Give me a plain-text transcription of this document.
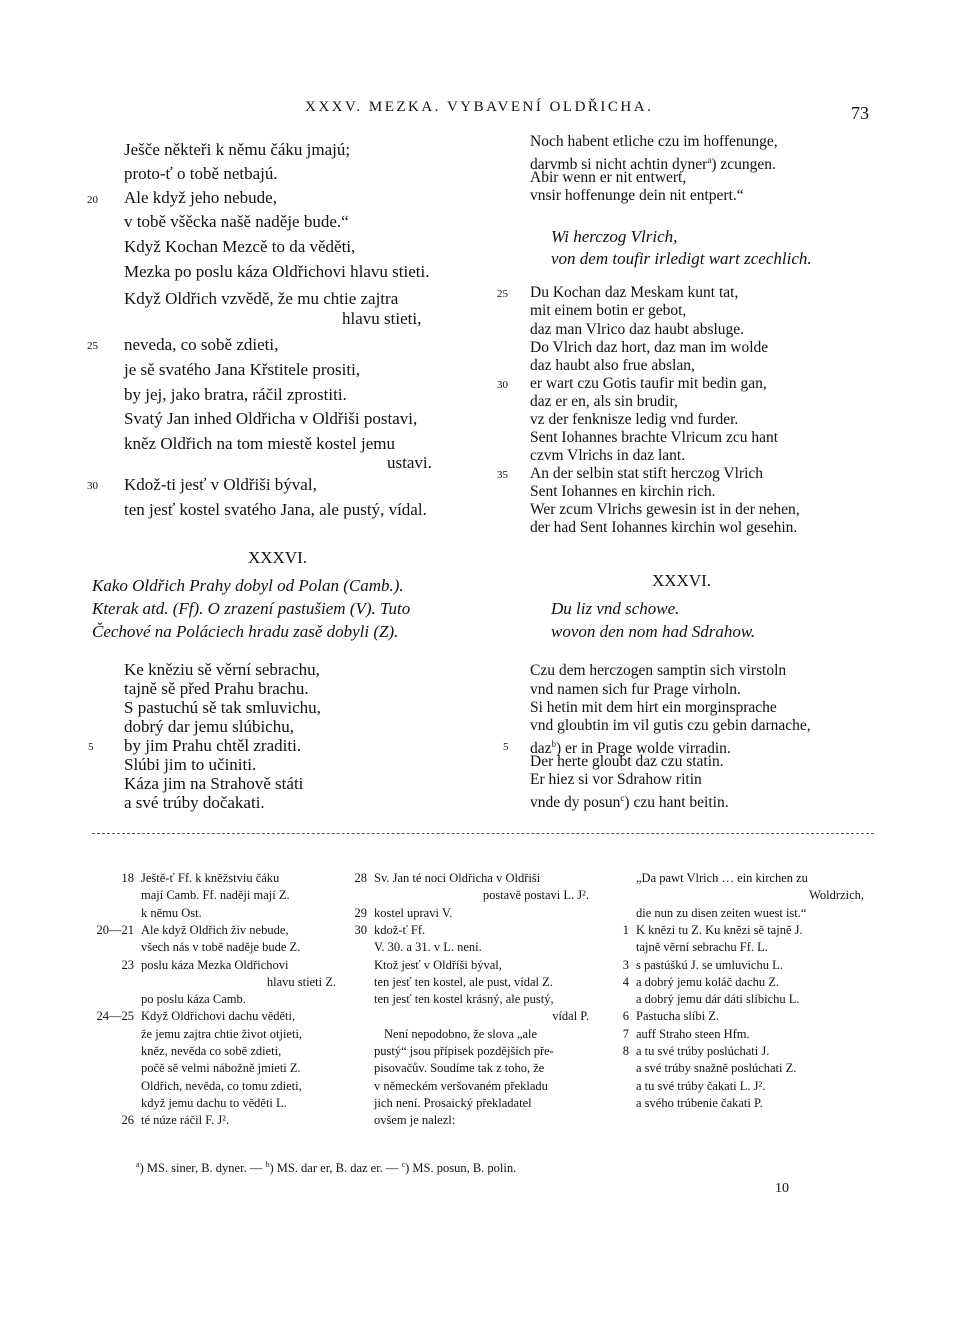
XXXV. MEZKA. VYBAVENÍ OLDŘICHA.	73
Ješče někteři k němu čáku jmajú;
proto-ť o tobě netbajú.
Ale když jeho nebude,
v tobě všěcka našě naděje bude.“
Když Kochan Mezcě to da věděti,
Mezka po poslu káza Oldřichovi hlavu stieti.
Když Oldřich vzvědě, že mu chtie zajtra
hlavu stieti,
neveda, co sobě zdieti,
je sě svatého Jana Křstitele prositi,
by jej, jako bratra, ráčil zprostiti.
Svatý Jan inhed Oldřicha v Oldřiši postavi,
kněz Oldřich na tom miestě kostel jemu
ustavi.
Kdož-ti jesť v Oldřiši býval,
ten jesť kostel svatého Jana, ale pustý, vídal.
20
25
30
Noch habent etliche czu im hoffenunge,
darvmb si nicht achtin dyner$^a$) zcungen.
Abir wenn er nit entwert,
vnsir hoffenunge dein nit entpert.“
Wi herczog Vlrich,
von dem toufir irledigt wart zcechlich.
Du Kochan daz Meskam kunt tat,
mit einem botin er gebot,
daz man Vlrico daz haubt absluge.
Do Vlrich daz hort, daz man im wolde
daz haubt also frue abslan,
er wart czu Gotis taufir mit bedin gan,
daz er en, als sin brudir,
vz der fenknisze ledig vnd furder.
Sent Iohannes brachte Vlricum zcu hant
czvm Vlrichs in daz lant.
An der selbin stat stift herczog Vlrich
Sent Iohannes en kirchin rich.
Wer zcum Vlrichs gewesin ist in der nehen,
der had Sent Iohannes kirchin wol gesehin.
25
30
35
XXXVI.
Kako Oldřich Prahy dobyl od Polan (Camb.).
Kterak atd. (Ff). O zrazení pastušiem (V). Tuto
Čechové na Poláciech hradu zasě dobyli (Z).
Ke kněziu sě věrní sebrachu,
tajně sě před Prahu brachu.
S pastuchú sě tak smluvichu,
dobrý dar jemu slúbichu,
by jim Prahu chtěl zraditi.
Slúbi jim to učiniti.
Káza jim na Strahově státi
a své trúby dočakati.
5
XXXVI.
Du liz vnd schowe.
wovon den nom had Sdrahow.
Czu dem herczogen samptin sich virstoln
vnd namen sich fur Prage virholn.
Si hetin mit dem hirt ein morginsprache
vnd gloubtin im vil gutis czu gebin darnache,
daz$^b$) er in Prage wolde virradin.
Der herte gloubt daz czu statin.
Er hiez si vor Sdrahow ritin
vnde dy posun$^c$) czu hant beitin.
5
18 Ještě-ť Ff. k kněžstviu čáku
mají Camb. Ff. naději mají Z.
k němu Ost.
20—21 Ale když Oldřich živ nebude,
všech nás v tobě naděje bude Z.
23 poslu káza Mezka Oldřichovi
hlavu stieti Z.
po poslu káza Camb.
24—25 Když Oldřichovi dachu věděti,
že jemu zajtra chtie život otjieti,
kněz, nevěda co sobě zdieti,
počě sě velmi nábožně jmieti Z.
Oldřich, nevěda, co tomu zdieti,
když jemu dachu to věděti L.
26 té núze ráčil F. J².
28 Sv. Jan té noci Oldřicha v Oldřiši
postavě postavi L. J².
29 kostel upravi V.
30 kdož-ť Ff.
V. 30. a 31. v L. není.
Ktož jesť v Oldříši býval,
ten jesť ten kostel, ale pust, vídal Z.
ten jesť ten kostel krásný, ale pustý,
vídal P.
Není nepodobno, že slova „ale
pustý“ jsou přípisek pozdějších pře-
pisovačův. Soudíme tak z toho, že
v německém veršovaném překladu
jich není. Prosaický překladatel
ovšem je nalezl:
„Da pawt Vlrich … ein kirchen zu
Woldrzich,
die nun zu disen zeiten wuest ist.“
1 K knězi tu Z. Ku knězi sě tajně J.
tajně věrní sebrachu Ff. L.
3 s pastúškú J. se umluvichu L.
4 a dobrý jemu koláč dachu Z.
a dobrý jemu dár dáti slíbichu L.
6 Pastucha slíbi Z.
7 auff Straho steen Hfm.
8 a tu své trúby poslúchati J.
a své trúby snažně poslúchati Z.
a tu své trúby čakati L. J².
a svého trúbenie čakati P.
$^a$) MS. siner, B. dyner. — $^b$) MS. dar er, B. daz er. — $^c$) MS. posun, B. polin.
10
